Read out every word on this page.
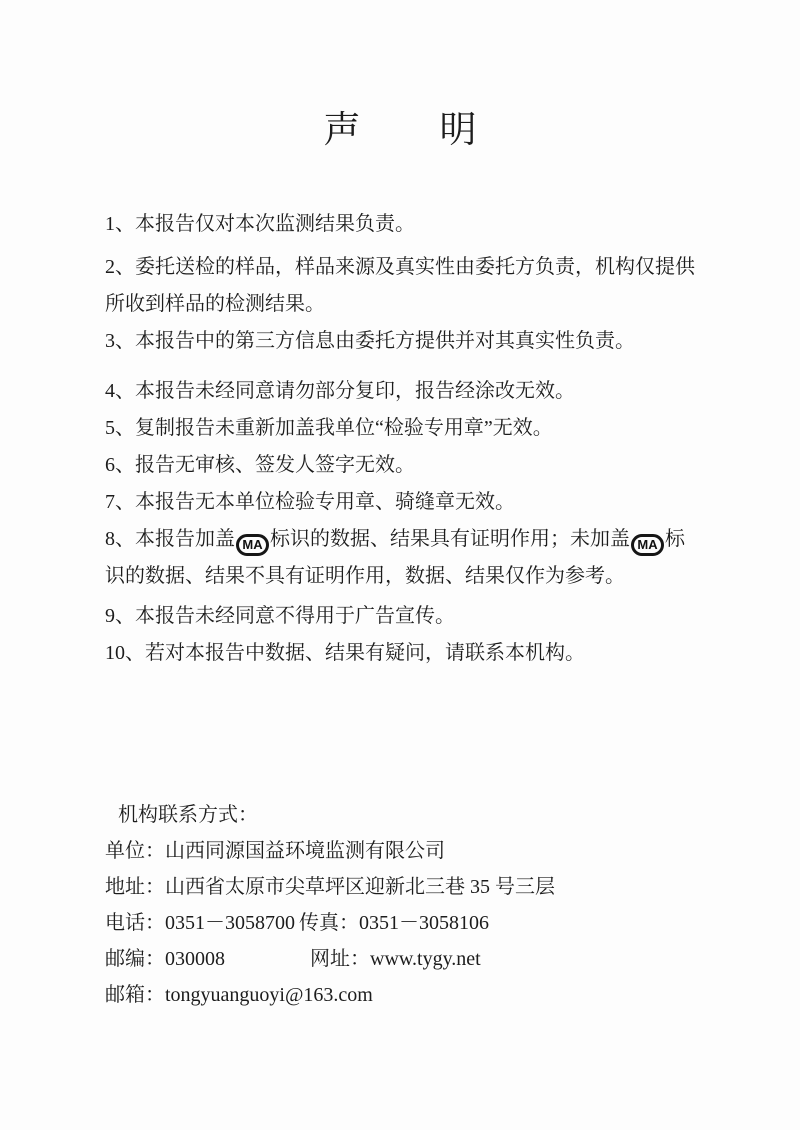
声 明

1、本报告仅对本次监测结果负责。

2、委托送检的样品，样品来源及真实性由委托方负责，机构仅提供
所收到样品的检测结果。

3、本报告中的第三方信息由委托方提供并对其真实性负责。

4、本报告未经同意请勿部分复印，报告经涂改无效。

5、复制报告未重新加盖我单位“检验专用章”无效。

6、报告无审核、签发人签字无效。

7、本报告无本单位检验专用章、骑缝章无效。

8、本报告加盖 MA 标识的数据、结果具有证明作用；未加盖 MA 标
识的数据、结果不具有证明作用，数据、结果仅作为参考。

9、本报告未经同意不得用于广告宣传。

10、若对本报告中数据、结果有疑问，请联系本机构。

机构联系方式：

单位：山西同源国益环境监测有限公司

地址：山西省太原市尖草坪区迎新北三巷 35 号三层

电话：0351－3058700 传真：0351－3058106

邮编：030008	网址：www.tygy.net

邮箱：tongyuanguoyi@163.com
